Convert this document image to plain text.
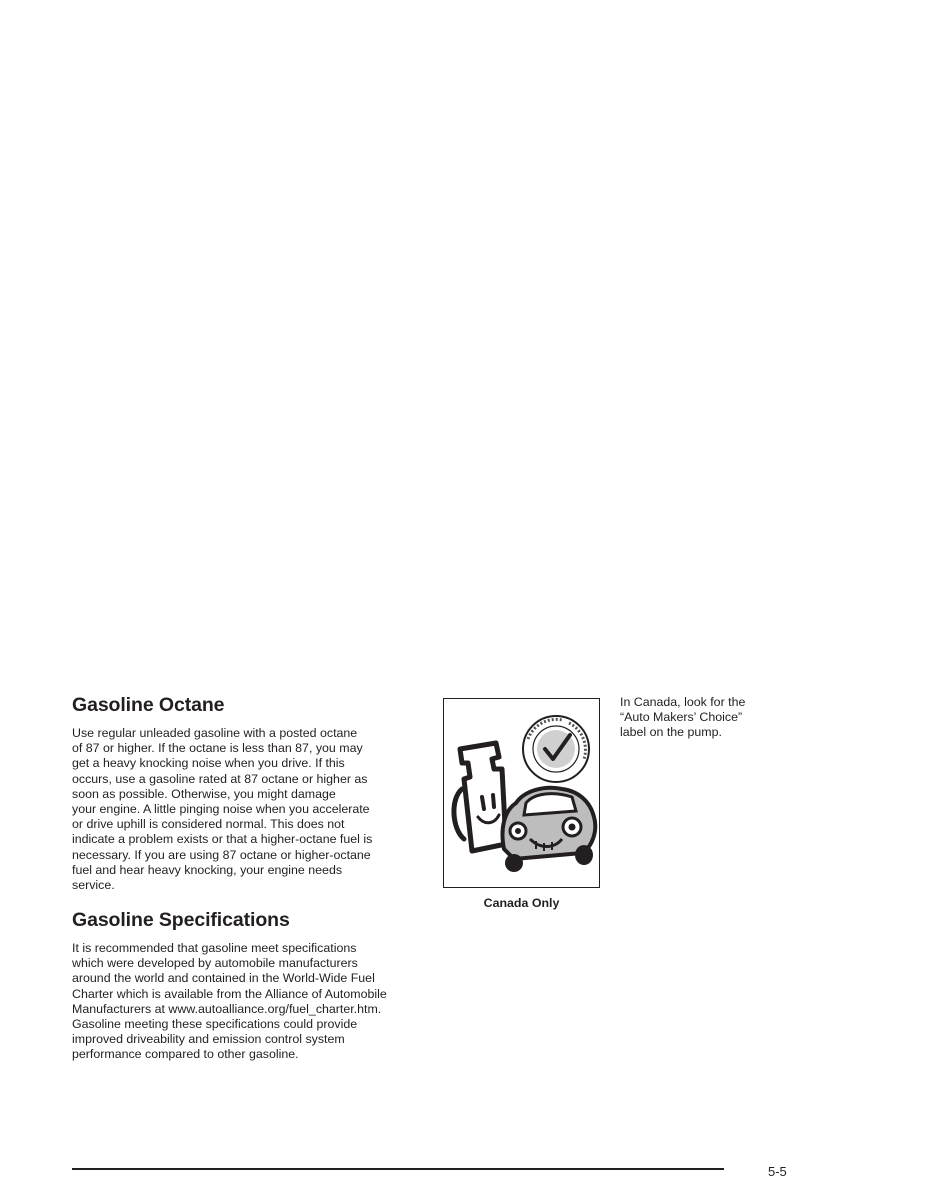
Gasoline Octane
Use regular unleaded gasoline with a posted octane
of 87 or higher. If the octane is less than 87, you may
get a heavy knocking noise when you drive. If this
occurs, use a gasoline rated at 87 octane or higher as
soon as possible. Otherwise, you might damage
your engine. A little pinging noise when you accelerate
or drive uphill is considered normal. This does not
indicate a problem exists or that a higher-octane fuel is
necessary. If you are using 87 octane or higher-octane
fuel and hear heavy knocking, your engine needs
service.
Gasoline Specifications
It is recommended that gasoline meet specifications
which were developed by automobile manufacturers
around the world and contained in the World-Wide Fuel
Charter which is available from the Alliance of Automobile
Manufacturers at www.autoalliance.org/fuel_charter.htm.
Gasoline meeting these specifications could provide
improved driveability and emission control system
performance compared to other gasoline.
Canada Only
In Canada, look for the
“Auto Makers’ Choice”
label on the pump.
5-5
